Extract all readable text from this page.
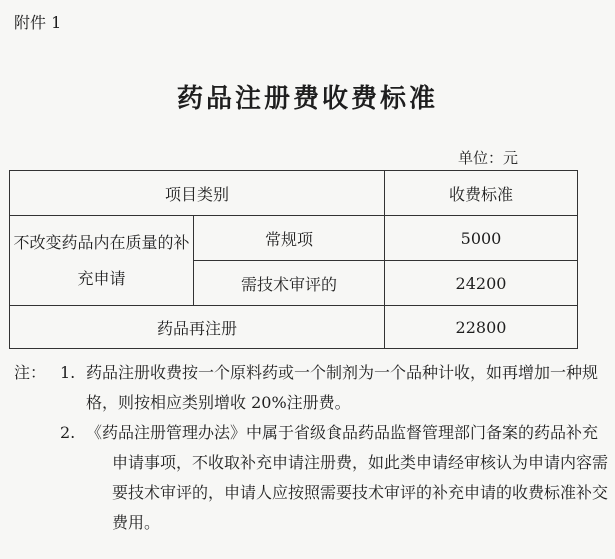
附件 1
药品注册费收费标准
单位：元
项目类别		收费标准
不改变药品内在质量的补充申请	常规项	5000
	需技术审评的	24200
药品再注册		22800
注： 1. 药品注册收费按一个原料药或一个制剂为一个品种计收，如再增加一种规格，则按相应类别增收 20%注册费。
2. 《药品注册管理办法》中属于省级食品药品监督管理部门备案的药品补充申请事项，不收取补充申请注册费，如此类申请经审核认为申请内容需要技术审评的，申请人应按照需要技术审评的补充申请的收费标准补交费用。
